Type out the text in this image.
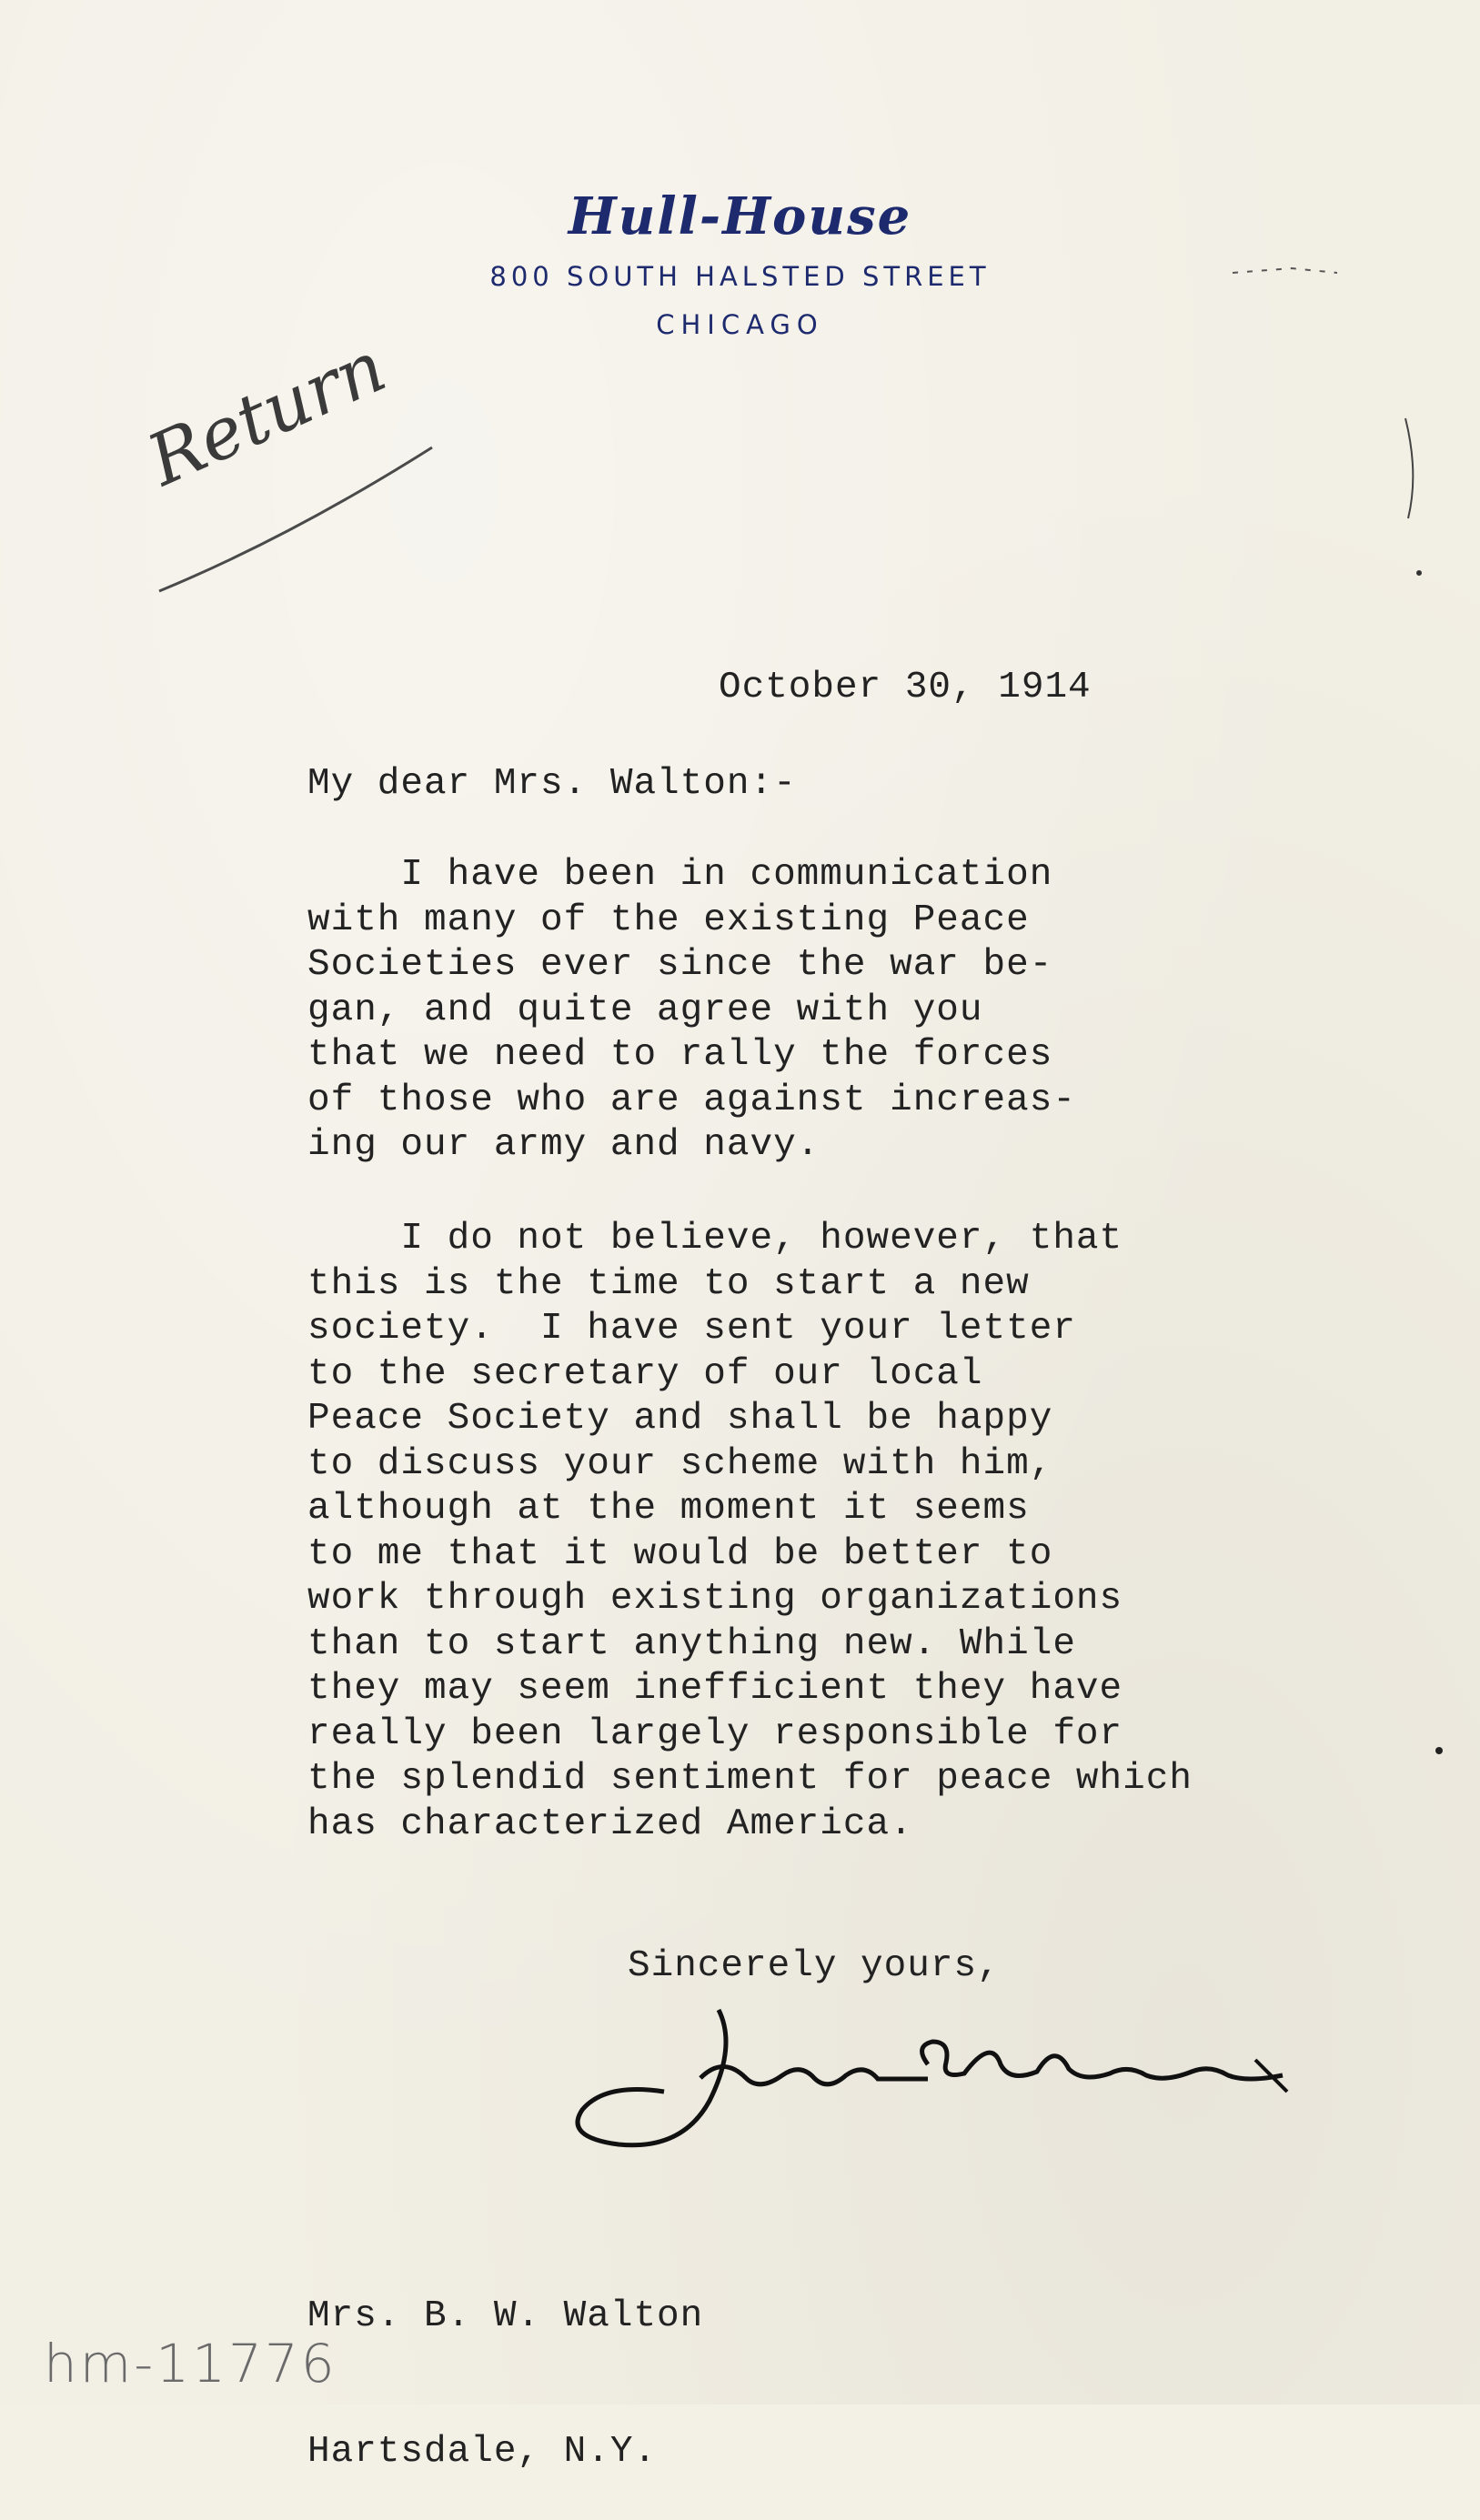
Hull-House
800 SOUTH HALSTED STREET
CHICAGO
Return
October 30, 1914
My dear Mrs. Walton:-
I have been in communication
with many of the existing Peace
Societies ever since the war be-
gan, and quite agree with you
that we need to rally the forces
of those who are against increas-
ing our army and navy.
I do not believe, however, that
this is the time to start a new
society.  I have sent your letter
to the secretary of our local
Peace Society and shall be happy
to discuss your scheme with him,
although at the moment it seems
to me that it would be better to
work through existing organizations
than to start anything new. While
they may seem inefficient they have
really been largely responsible for
the splendid sentiment for peace which
has characterized America.
Sincerely yours,

Mrs. B. W. Walton

Hartsdale, N.Y.

hm-11776
